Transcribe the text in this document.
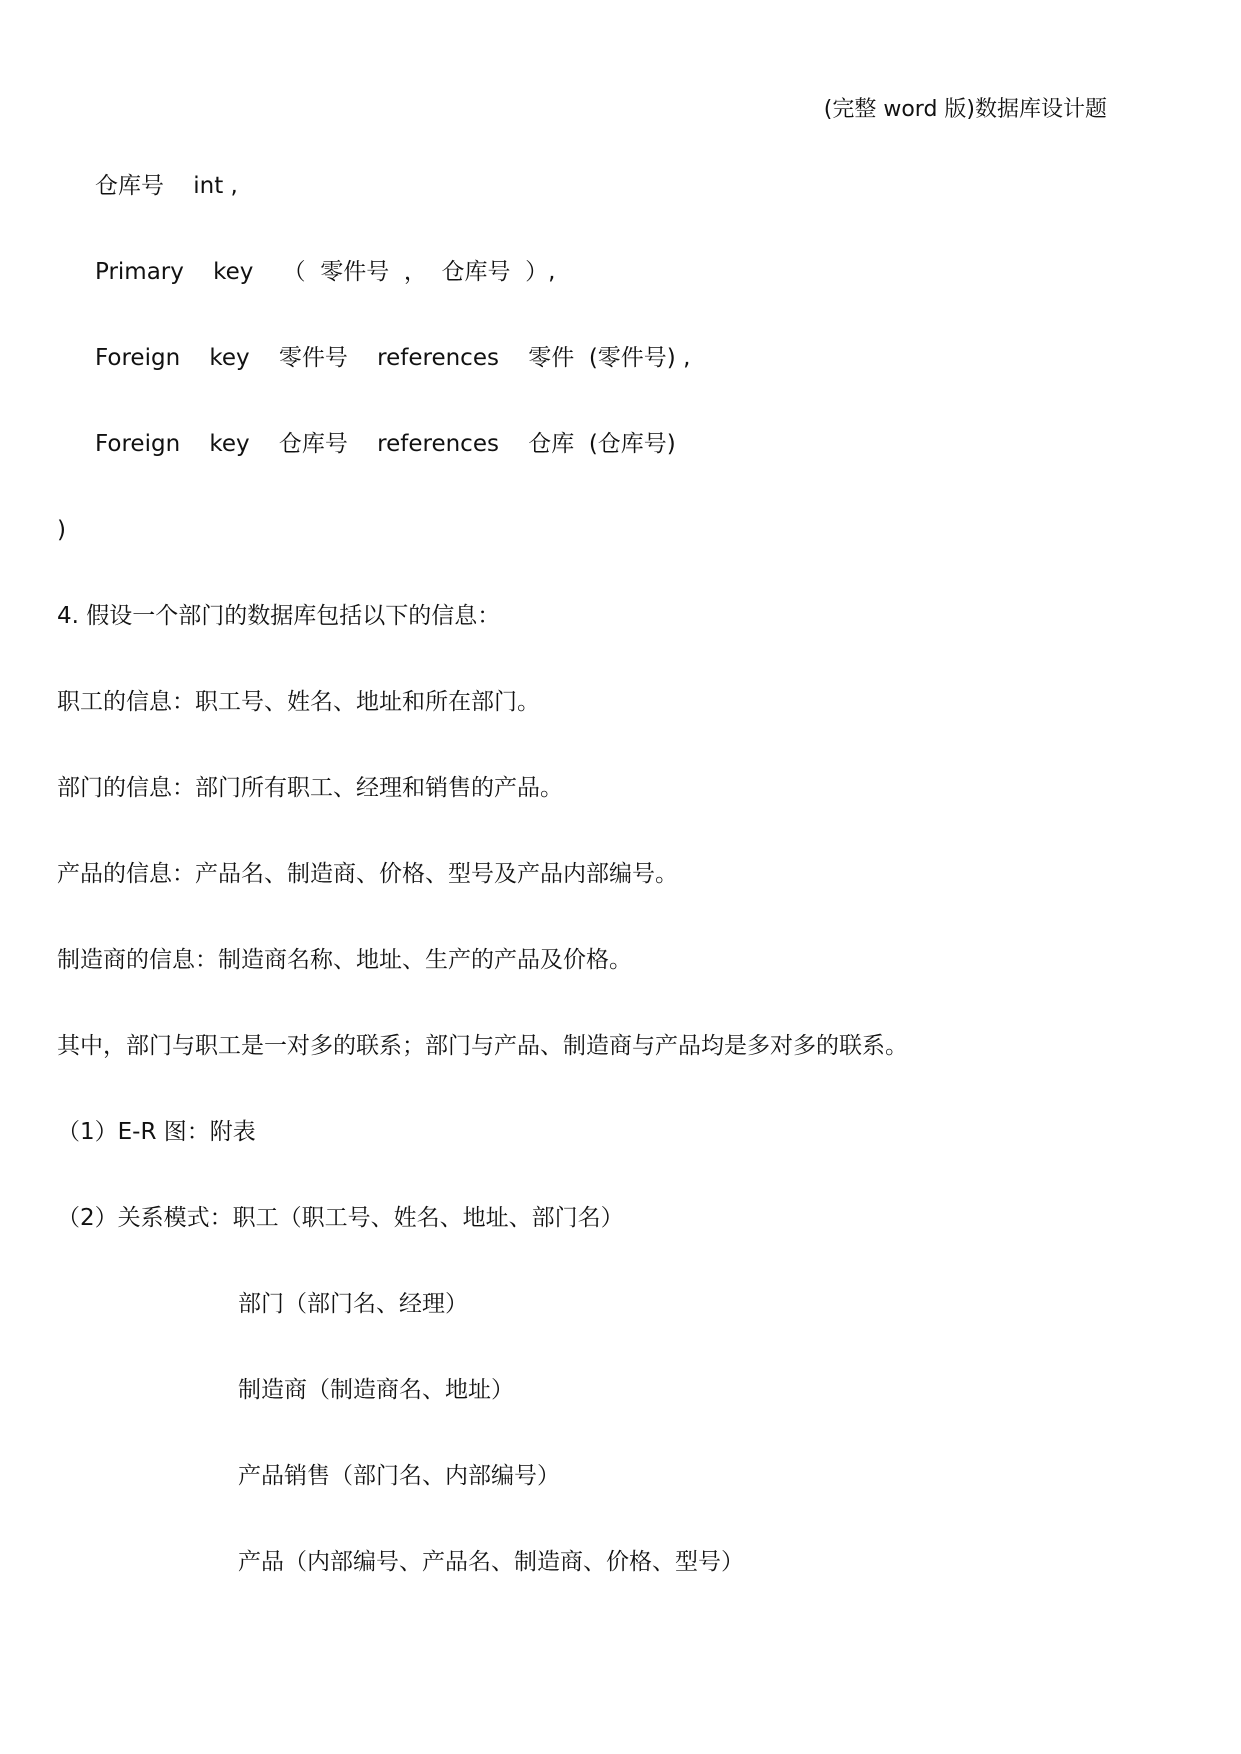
(完整 word 版)数据库设计题
仓库号    int ,
Primary    key    （  零件号  ，  仓库号  ）,
Foreign    key    零件号    references    零件  (零件号) ,
Foreign    key    仓库号    references    仓库  (仓库号)
)
4. 假设一个部门的数据库包括以下的信息：
职工的信息：职工号、姓名、地址和所在部门。
部门的信息：部门所有职工、经理和销售的产品。
产品的信息：产品名、制造商、价格、型号及产品内部编号。
制造商的信息：制造商名称、地址、生产的产品及价格。
其中，部门与职工是一对多的联系；部门与产品、制造商与产品均是多对多的联系。
（1）E-R 图：附表
（2）关系模式：职工（职工号、姓名、地址、部门名）
部门（部门名、经理）
制造商（制造商名、地址）
产品销售（部门名、内部编号）
产品（内部编号、产品名、制造商、价格、型号）
